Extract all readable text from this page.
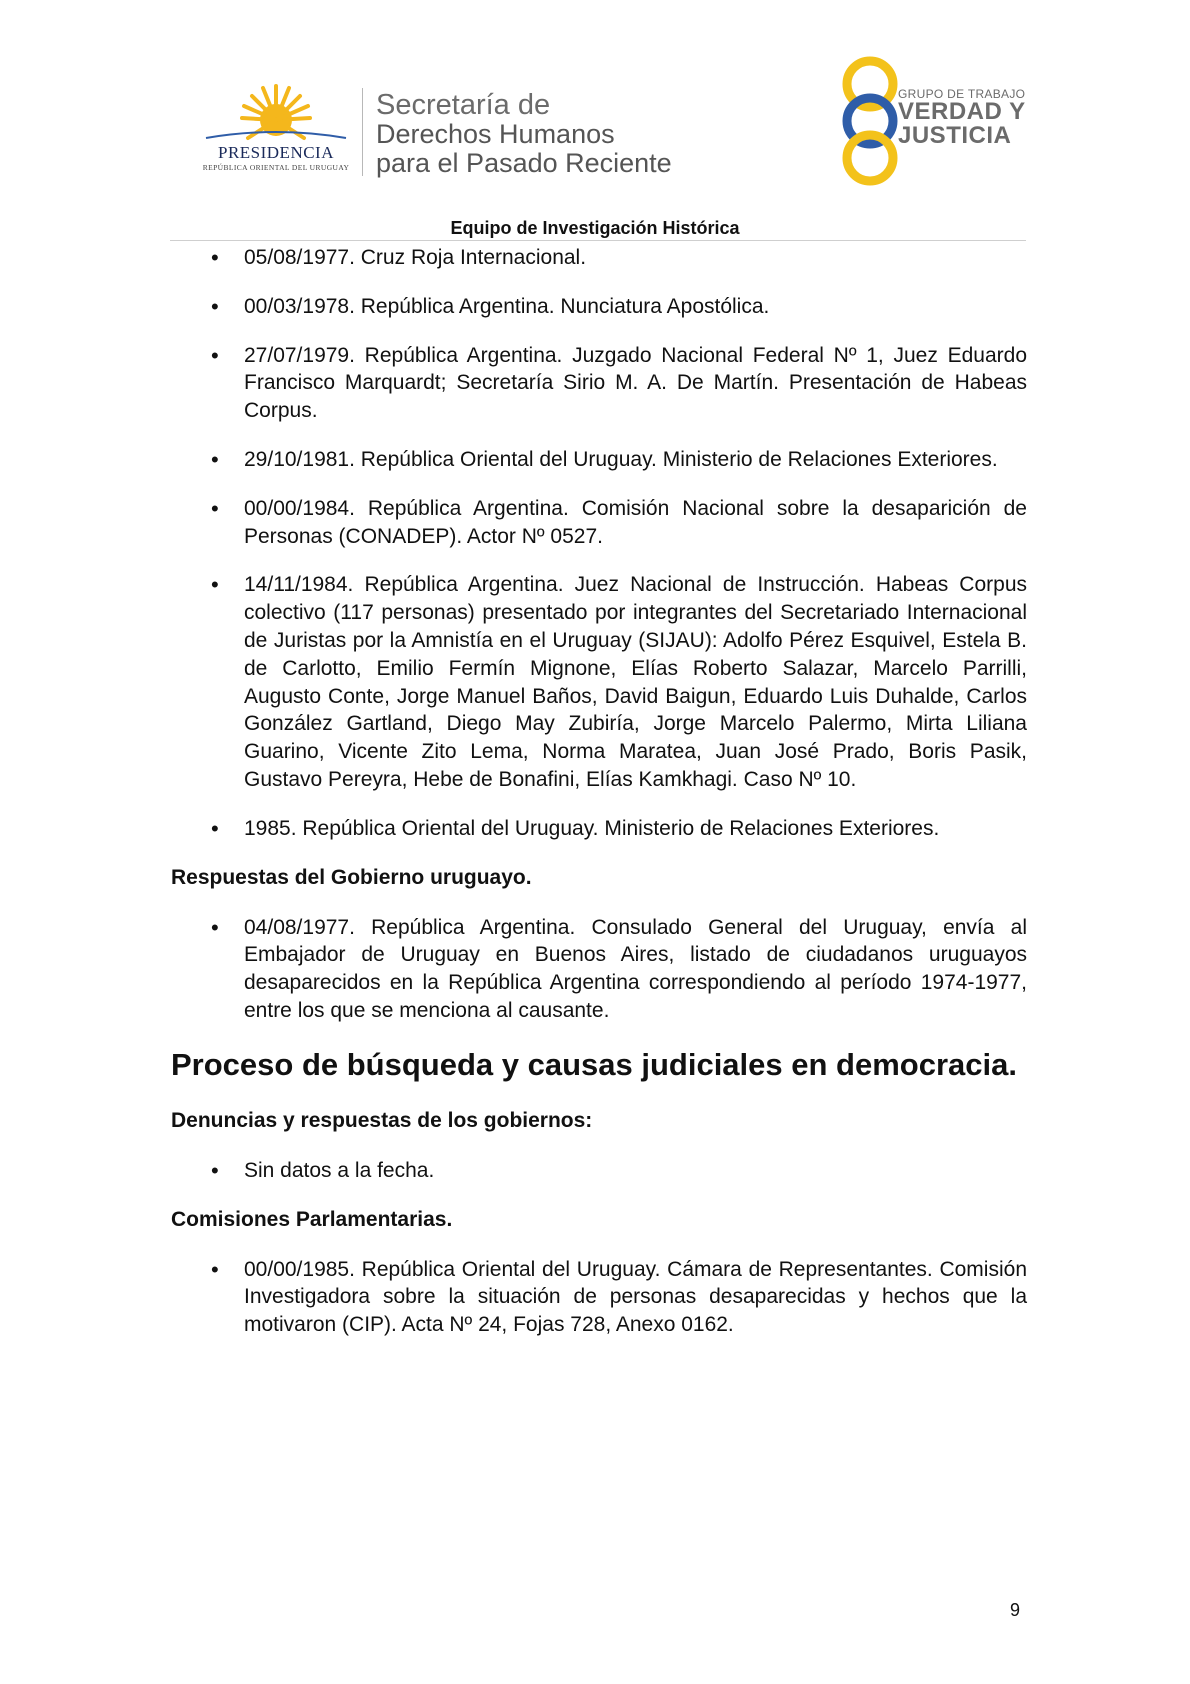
PRESIDENCIA
REPÚBLICA ORIENTAL DEL URUGUAY
Secretaría de
Derechos Humanos
para el Pasado Reciente
GRUPO DE TRABAJO
VERDAD Y
JUSTICIA
Equipo de Investigación Histórica
• 05/08/1977. Cruz Roja Internacional.
• 00/03/1978. República Argentina. Nunciatura Apostólica.
• 27/07/1979. República Argentina. Juzgado Nacional Federal Nº 1, Juez Eduardo Francisco Marquardt; Secretaría Sirio M. A. De Martín. Presentación de Habeas Corpus.
• 29/10/1981. República Oriental del Uruguay. Ministerio de Relaciones Exteriores.
• 00/00/1984. República Argentina. Comisión Nacional sobre la desaparición de Personas (CONADEP). Actor Nº 0527.
• 14/11/1984. República Argentina. Juez Nacional de Instrucción. Habeas Corpus colectivo (117 personas) presentado por integrantes del Secretariado Internacional de Juristas por la Amnistía en el Uruguay (SIJAU): Adolfo Pérez Esquivel, Estela B. de Carlotto, Emilio Fermín Mignone, Elías Roberto Salazar, Marcelo Parrilli, Augusto Conte, Jorge Manuel Baños, David Baigun, Eduardo Luis Duhalde, Carlos González Gartland, Diego May Zubiría, Jorge Marcelo Palermo, Mirta Liliana Guarino, Vicente Zito Lema, Norma Maratea, Juan José Prado, Boris Pasik, Gustavo Pereyra, Hebe de Bonafini, Elías Kamkhagi. Caso Nº 10.
• 1985. República Oriental del Uruguay. Ministerio de Relaciones Exteriores.
Respuestas del Gobierno uruguayo.
• 04/08/1977. República Argentina. Consulado General del Uruguay, envía al Embajador de Uruguay en Buenos Aires, listado de ciudadanos uruguayos desaparecidos en la República Argentina correspondiendo al período 1974-1977, entre los que se menciona al causante.
Proceso de búsqueda y causas judiciales en democracia.
Denuncias y respuestas de los gobiernos:
• Sin datos a la fecha.
Comisiones Parlamentarias.
• 00/00/1985. República Oriental del Uruguay. Cámara de Representantes. Comisión Investigadora sobre la situación de personas desaparecidas y hechos que la motivaron (CIP). Acta Nº 24, Fojas 728, Anexo 0162.
9
